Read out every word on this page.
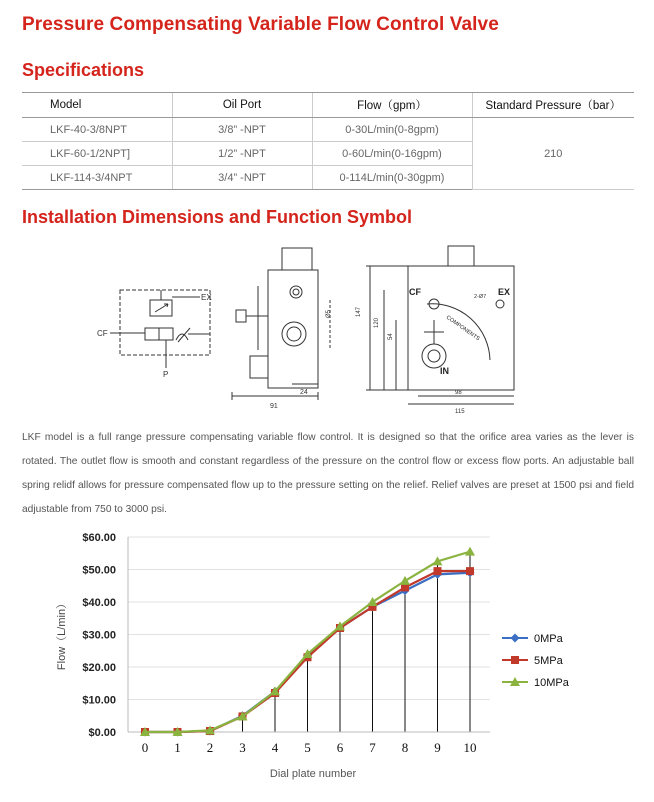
Pressure Compensating Variable Flow Control Valve
Specifications
Model	Oil Port	Flow（gpm）	Standard Pressure（bar）
LKF-40-3/8NPT	3/8” -NPT	0-30L/min(0-8gpm)	210
LKF-60-1/2NPT]	1/2” -NPT	0-60L/min(0-16gpm)	
LKF-114-3/4NPT	3/4” -NPT	0-114L/min(0-30gpm)	
Installation Dimensions and Function Symbol
EX
CF
P
91
24
Ø5	147
120
54
98
115
2-Ø7
CF	EX
IN
COMPONENTS
LKF model is a full range pressure compensating variable flow control. It is designed so that the orifice area varies as the lever is rotated. The outlet flow is smooth and constant regardless of the pressure on the control flow or excess flow ports. An adjustable ball spring relidf allows for pressure compensated flow up to the pressure setting on the relief. Relief valves are preset at 1500 psi and field adjustable from 750 to 3000 psi.
$0.00
$10.00
$20.00
$30.00
$40.00
$50.00
$60.00
0 1 2 3 4 5 6 7 8 9 10
0MPa
5MPa
10MPa
Flow（L/min）
Dial plate number
